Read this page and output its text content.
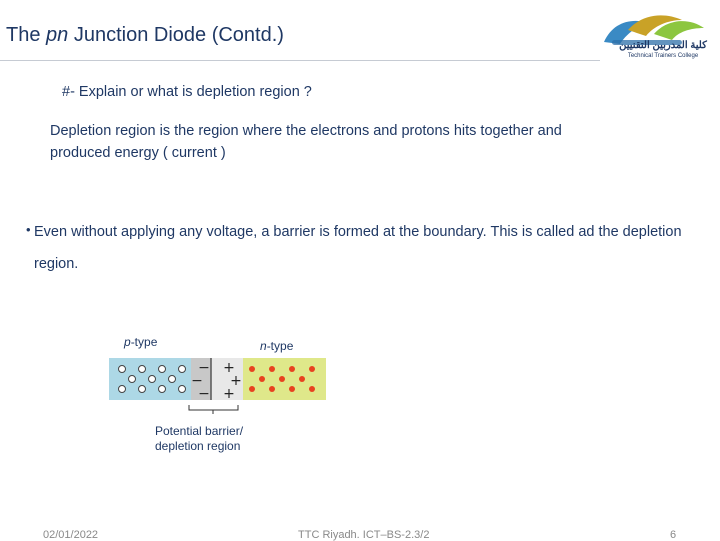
The pn Junction Diode (Contd.)	كلية المدربين التقنيين
Technical Trainers College
#- Explain or what is depletion region ?
Depletion region is the region where the electrons and protons hits together and produced energy ( current )
• Even without applying any voltage, a barrier is formed at the boundary. This is called ad the depletion region.
−
−
−
+
+
+
p-type	n-type
Potential barrier/
depletion region
02/01/2022	TTC Riyadh. ICT–BS-2.3/2	6
